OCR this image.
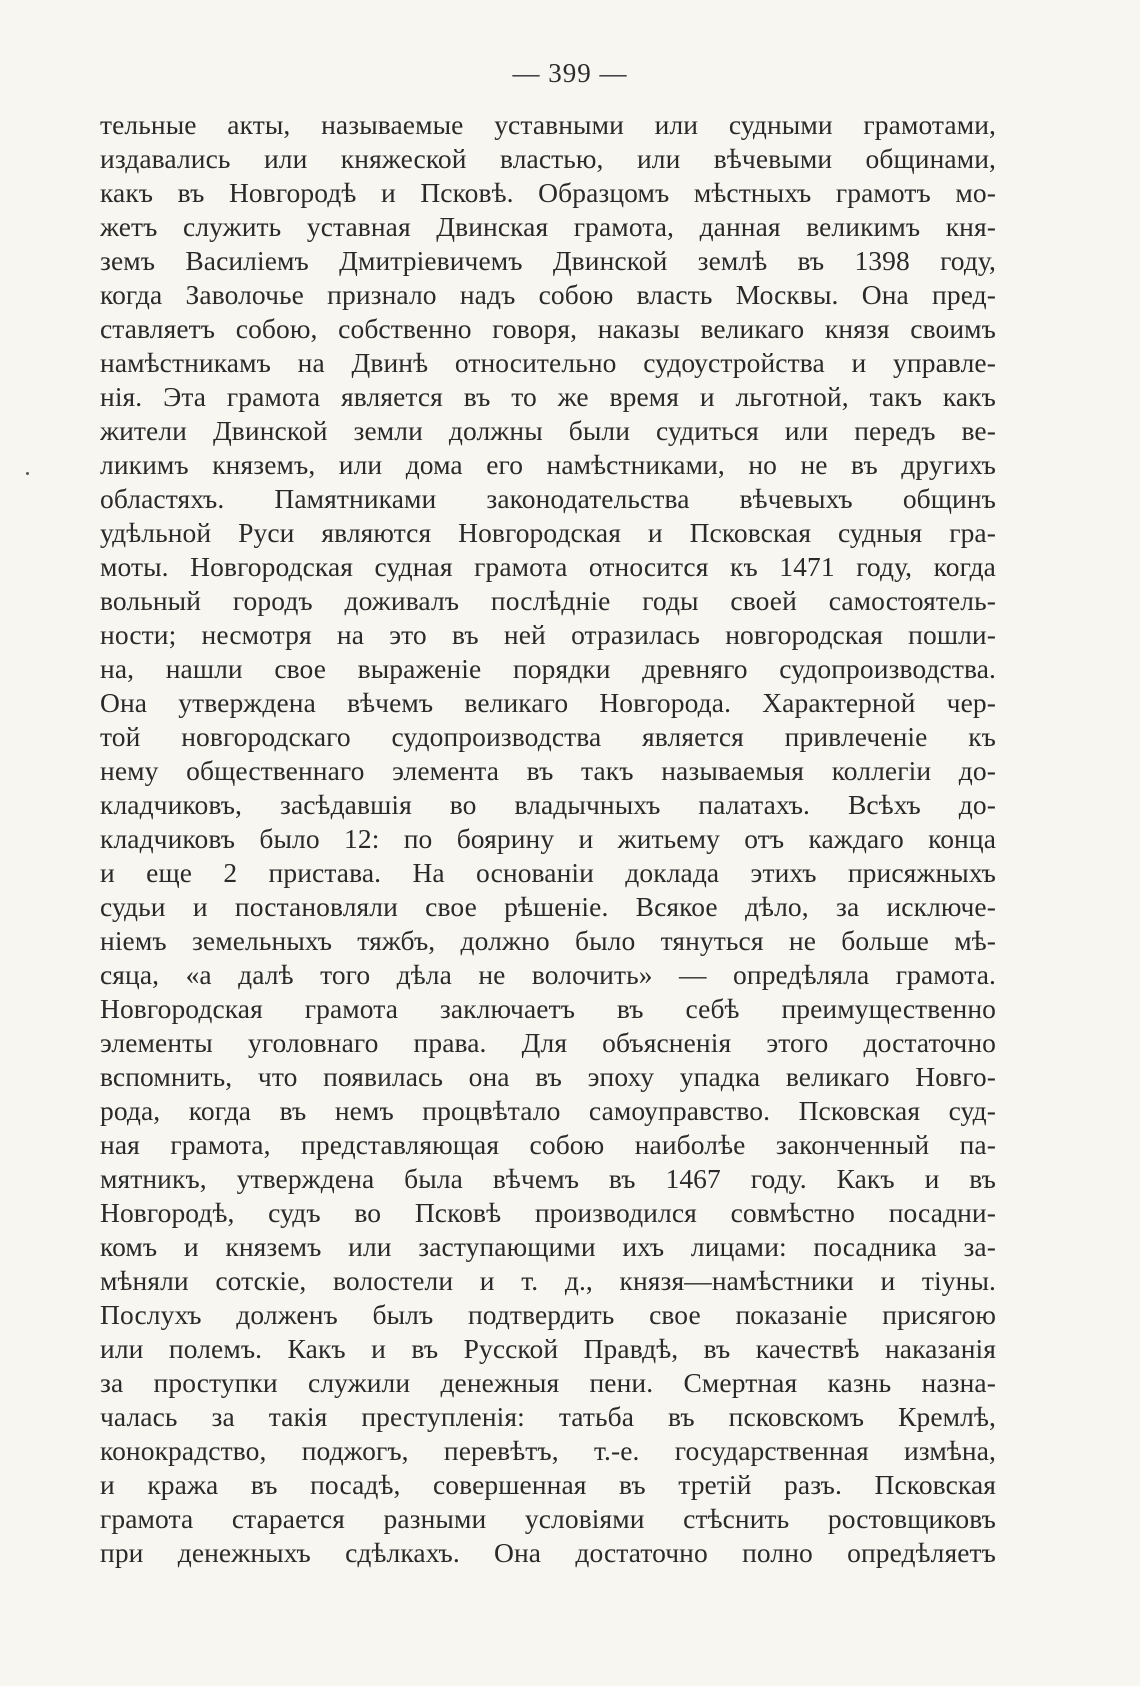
— 399 —
тельные акты, называемые уставными или судными грамотами,
издавались или княжеской властью, или вѣчевыми общинами,
какъ въ Новгородѣ и Псковѣ. Образцомъ мѣстныхъ грамотъ мо-
жетъ служить уставная Двинская грамота, данная великимъ кня-
земъ Василіемъ Дмитріевичемъ Двинской землѣ въ 1398 году,
когда Заволочье признало надъ собою власть Москвы. Она пред-
ставляетъ собою, собственно говоря, наказы великаго князя своимъ
намѣстникамъ на Двинѣ относительно судоустройства и управле-
нія. Эта грамота является въ то же время и льготной, такъ какъ
жители Двинской земли должны были судиться или передъ ве-
ликимъ княземъ, или дома его намѣстниками, но не въ другихъ
областяхъ. Памятниками законодательства вѣчевыхъ общинъ
удѣльной Руси являются Новгородская и Псковская судныя гра-
моты. Новгородская судная грамота относится къ 1471 году, когда
вольный городъ доживалъ послѣдніе годы своей самостоятель-
ности; несмотря на это въ ней отразилась новгородская пошли-
на, нашли свое выраженіе порядки древняго судопроизводства.
Она утверждена вѣчемъ великаго Новгорода. Характерной чер-
той новгородскаго судопроизводства является привлеченіе къ
нему общественнаго элемента въ такъ называемыя коллегіи до-
кладчиковъ, засѣдавшія во владычныхъ палатахъ. Всѣхъ до-
кладчиковъ было 12: по боярину и житьему отъ каждаго конца
и еще 2 пристава. На основаніи доклада этихъ присяжныхъ
судьи и постановляли свое рѣшеніе. Всякое дѣло, за исключе-
ніемъ земельныхъ тяжбъ, должно было тянуться не больше мѣ-
сяца, «а далѣ того дѣла не волочить» — опредѣляла грамота.
Новгородская грамота заключаетъ въ себѣ преимущественно
элементы уголовнаго права. Для объясненія этого достаточно
вспомнить, что появилась она въ эпоху упадка великаго Новго-
рода, когда въ немъ процвѣтало самоуправство. Псковская суд-
ная грамота, представляющая собою наиболѣе законченный па-
мятникъ, утверждена была вѣчемъ въ 1467 году. Какъ и въ
Новгородѣ, судъ во Псковѣ производился совмѣстно посадни-
комъ и княземъ или заступающими ихъ лицами: посадника за-
мѣняли сотскіе, волостели и т. д., князя—намѣстники и тіуны.
Послухъ долженъ былъ подтвердить свое показаніе присягою
или полемъ. Какъ и въ Русской Правдѣ, въ качествѣ наказанія
за проступки служили денежныя пени. Смертная казнь назна-
чалась за такія преступленія: татьба въ псковскомъ Кремлѣ,
конокрадство, поджогъ, перевѣтъ, т.-е. государственная измѣна,
и кража въ посадѣ, совершенная въ третій разъ. Псковская
грамота старается разными условіями стѣснить ростовщиковъ
при денежныхъ сдѣлкахъ. Она достаточно полно опредѣляетъ
